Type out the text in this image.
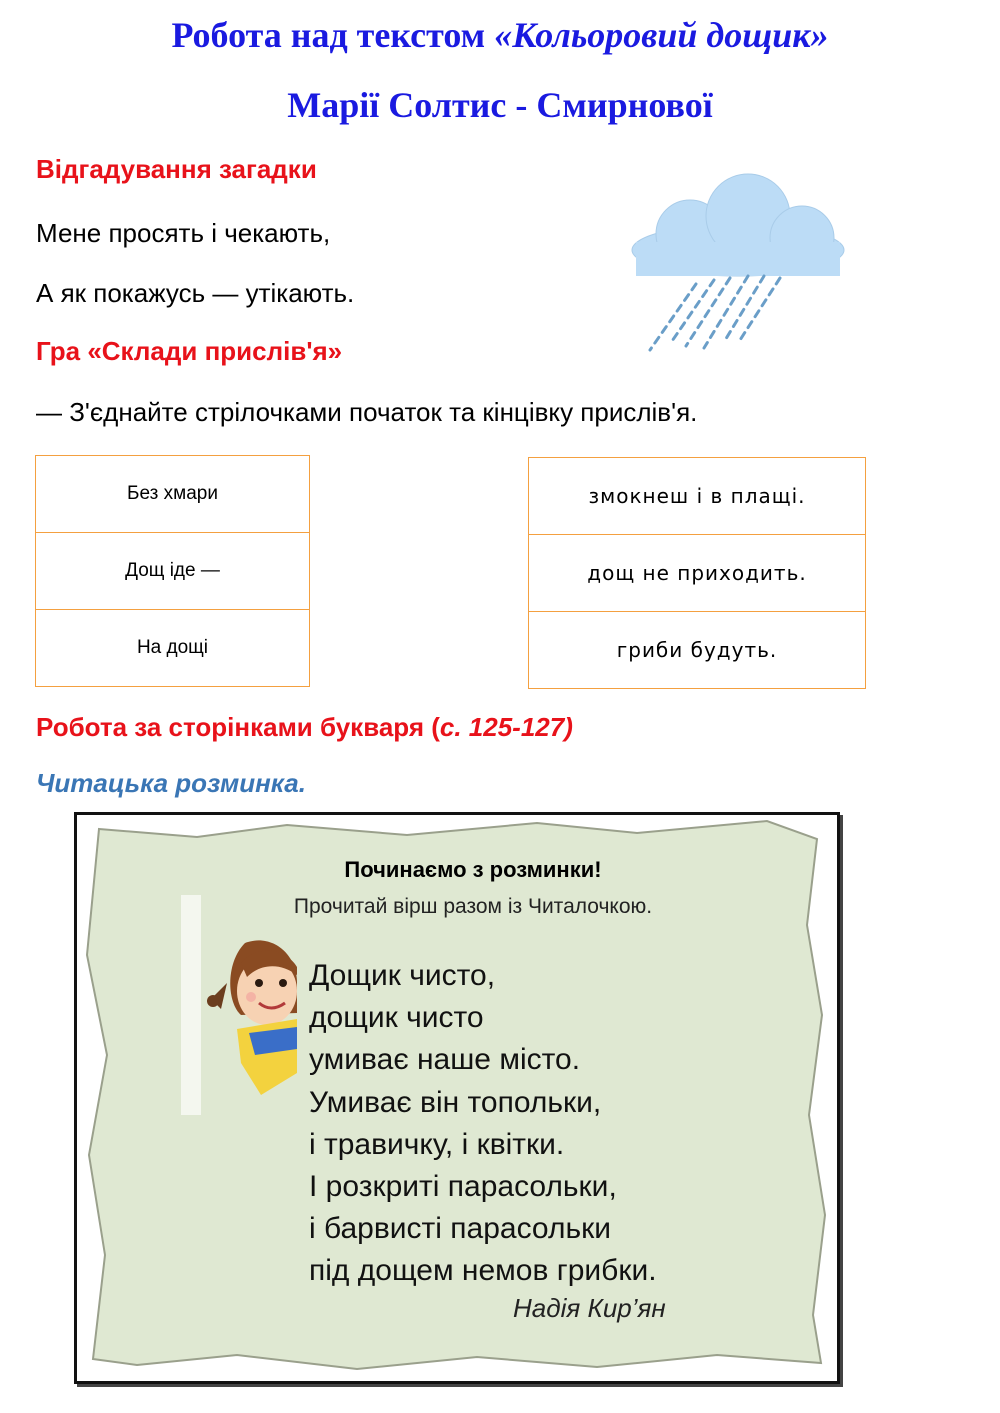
Робота над текстом «Кольоровий дощик»
Марії Солтис - Смирнової
Відгадування загадки

Мене просять і чекають,

А як покажусь — утікають.

Гра «Склади прислів'я»

— З'єднайте стрілочками початок та кінцівку прислів'я.

Без хмари
Дощ іде —
На дощі
змокнеш і в плащі.
дощ не приходить.
гриби будуть.
Робота за сторінками букваря (с. 125-127)
Читацька розминка.

Починаємо з розминки!

Прочитай вірш разом із Читалочкою.

Дощик чисто,
дощик чисто
умиває наше місто.
Умиває він топольки,
і травичку, і квітки.
І розкриті парасольки,
і барвисті парасольки
під дощем немов грибки.

Надія Кир’ян
